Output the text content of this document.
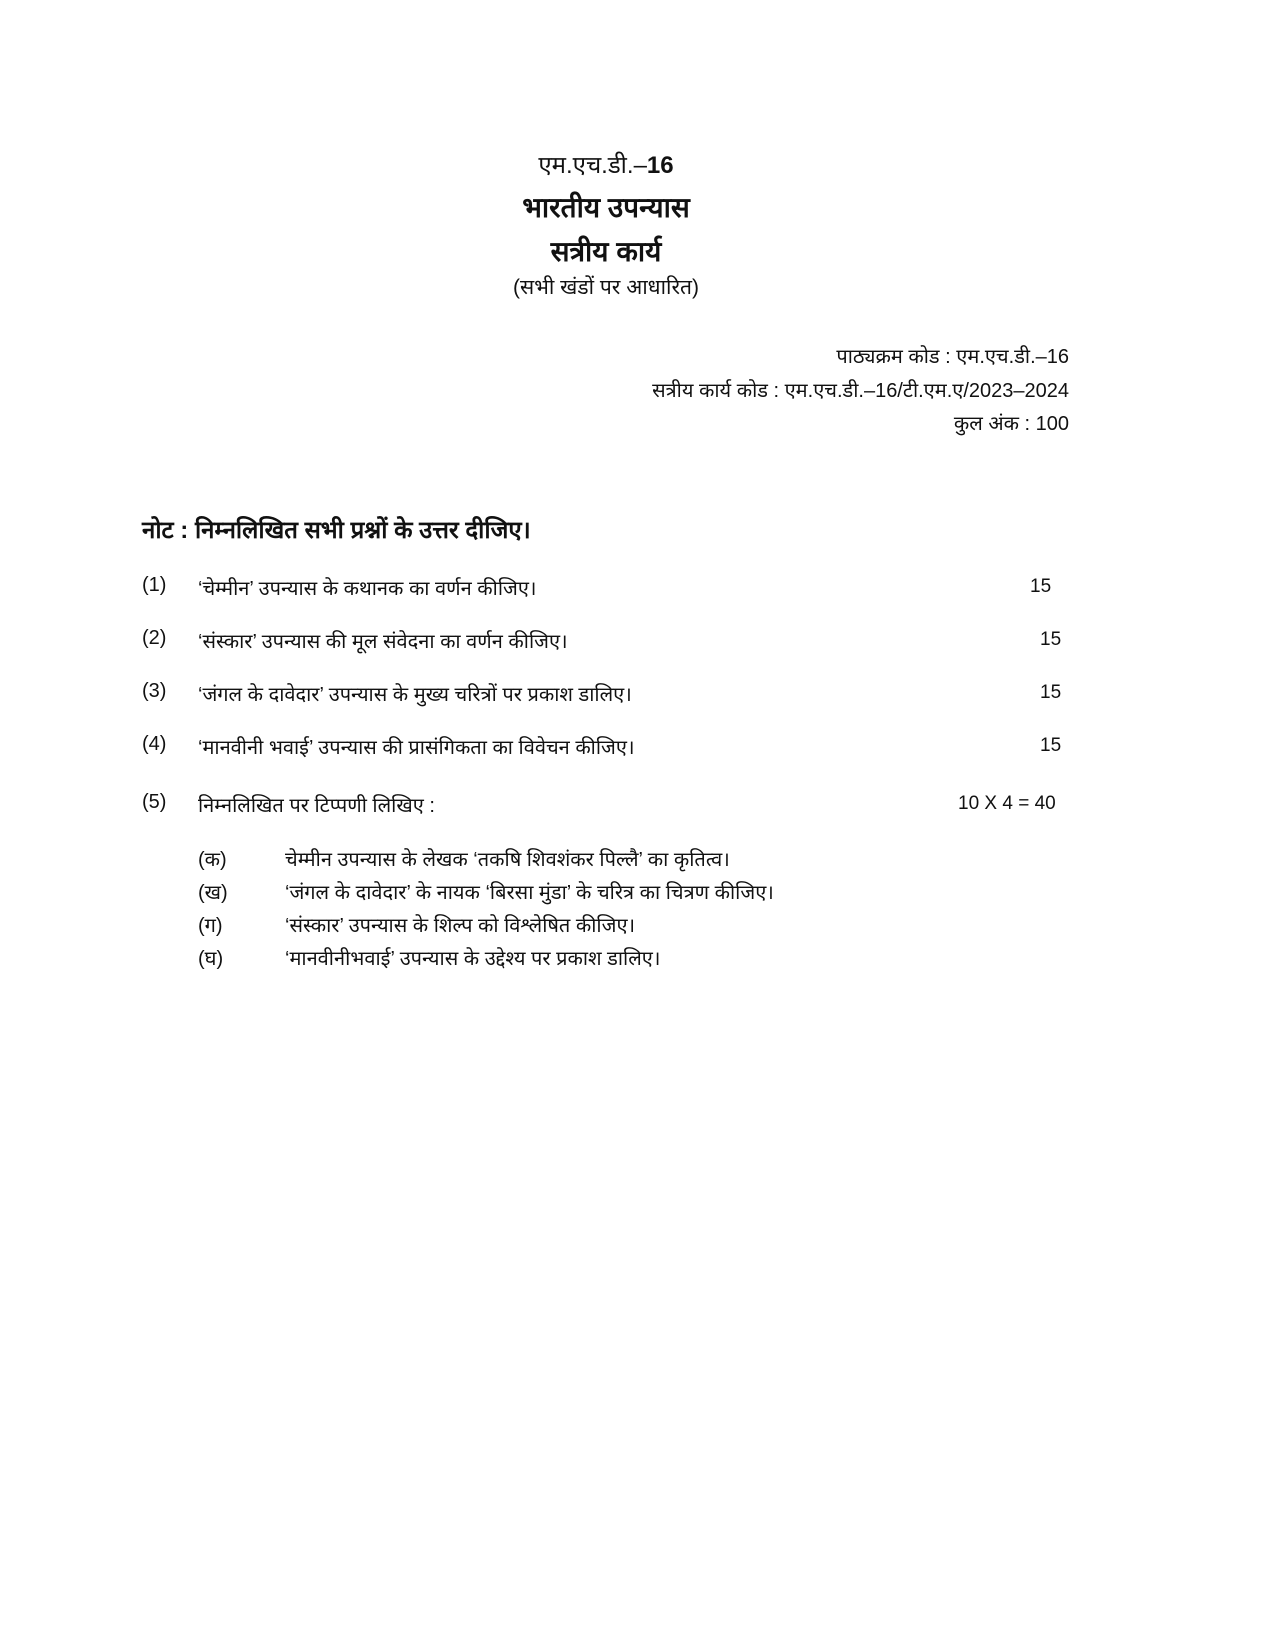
एम.एच.डी.–16
भारतीय उपन्यास
सत्रीय कार्य
(सभी खंडों पर आधारित)
पाठ्यक्रम कोड : एम.एच.डी.–16
सत्रीय कार्य कोड : एम.एच.डी.–16/टी.एम.ए/2023–2024
कुल अंक : 100
नोट : निम्नलिखित सभी प्रश्नों के उत्तर दीजिए।
(1) ‘चेम्मीन’ उपन्यास के कथानक का वर्णन कीजिए।	15
(2) ‘संस्कार’ उपन्यास की मूल संवेदना का वर्णन कीजिए।	15
(3) ‘जंगल के दावेदार’ उपन्यास के मुख्य चरित्रों पर प्रकाश डालिए।	15
(4) ‘मानवीनी भवाई’ उपन्यास की प्रासंगिकता का विवेचन कीजिए।	15
(5) निम्नलिखित पर टिप्पणी लिखिए :	10 X 4 = 40
(क)	चेम्मीन उपन्यास के लेखक ‘तकषि शिवशंकर पिल्लै’ का कृतित्व।
(ख)	‘जंगल के दावेदार’ के नायक ‘बिरसा मुंडा’ के चरित्र का चित्रण कीजिए।
(ग)	‘संस्कार’ उपन्यास के शिल्प को विश्लेषित कीजिए।
(घ)	‘मानवीनीभवाई’ उपन्यास के उद्देश्य पर प्रकाश डालिए।
